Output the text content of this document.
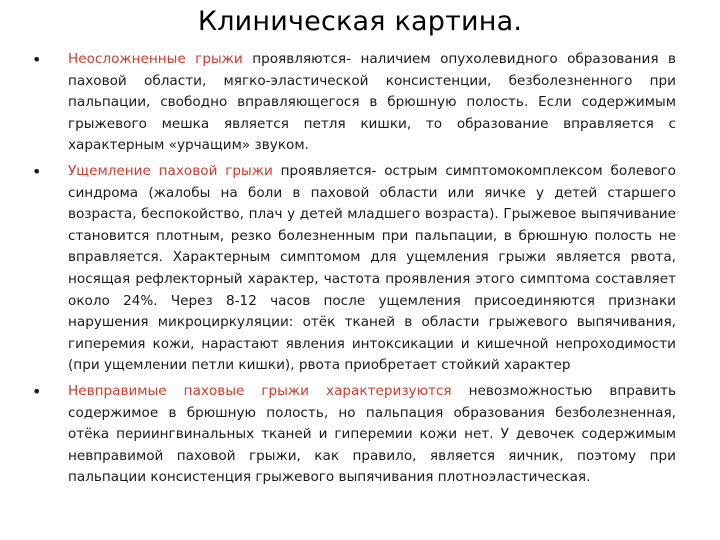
Клиническая картина.
• Неосложненные грыжи проявляются- наличием опухолевидного образования в паховой области, мягко-эластической консистенции, безболезненного при пальпации, свободно вправляющегося в брюшную полость. Если содержимым грыжевого мешка является петля кишки, то образование вправляется с характерным «урчащим» звуком.
• Ущемление паховой грыжи проявляется- острым симптомокомплексом болевого синдрома (жалобы на боли в паховой области или яичке у детей старшего возраста, беспокойство, плач у детей младшего возраста). Грыжевое выпячивание становится плотным, резко болезненным при пальпации, в брюшную полость не вправляется. Характерным симптомом для ущемления грыжи является рвота, носящая рефлекторный характер, частота проявления этого симптома составляет около 24%. Через 8-12 часов после ущемления присоединяются признаки нарушения микроциркуляции: отёк тканей в области грыжевого выпячивания, гиперемия кожи, нарастают явления интоксикации и кишечной непроходимости (при ущемлении петли кишки), рвота приобретает стойкий характер
• Невправимые паховые грыжи характеризуются невозможностью вправить содержимое в брюшную полость, но пальпация образования безболезненная, отёка периингвинальных тканей и гиперемии кожи нет. У девочек содержимым невправимой паховой грыжи, как правило, является яичник, поэтому при пальпации консистенция грыжевого выпячивания плотноэластическая.
